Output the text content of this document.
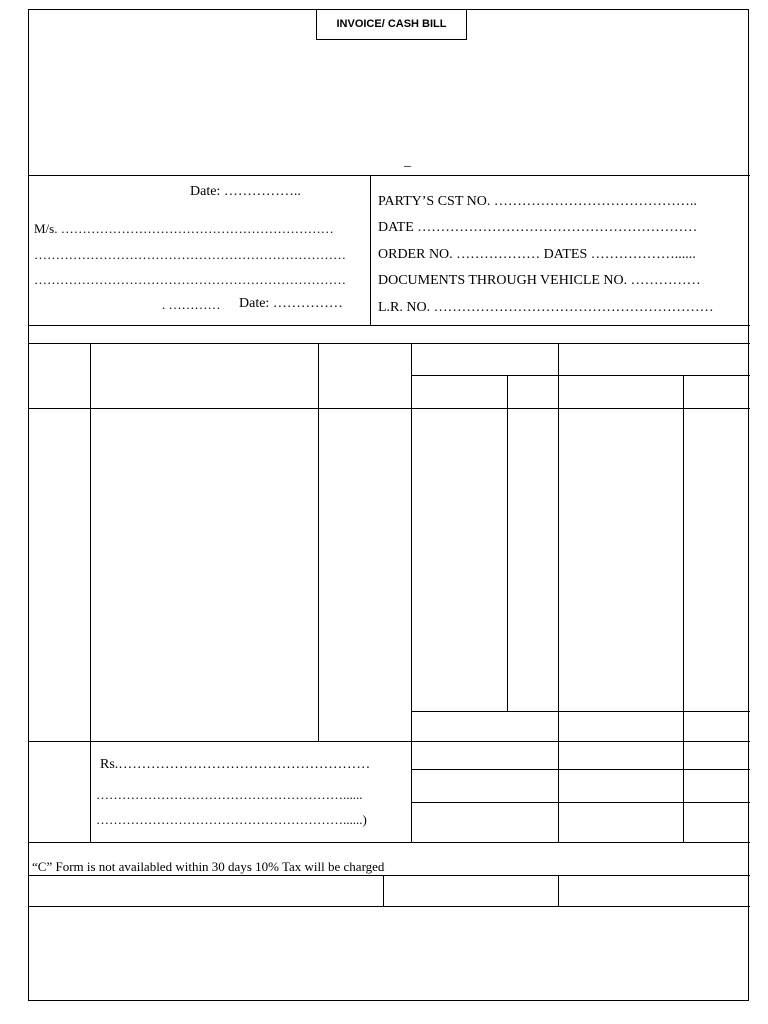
INVOICE/ CASH BILL
_
Date: ……………..
M/s. ………………………………………………………
………………………………………………………………
………………………………………………………………
. ………… Date: ……………
PARTY’S CST NO. ……………………………………..
DATE ……………………………………………………
ORDER NO. ……………… DATES ………………......
DOCUMENTS THROUGH VEHICLE NO. ……………
L.R. NO. ……………………………………………………
Rs.………………………………………………
…………………………………………………......
…………………………………………………......)
“C” Form is not availabled within 30 days 10% Tax will be charged
